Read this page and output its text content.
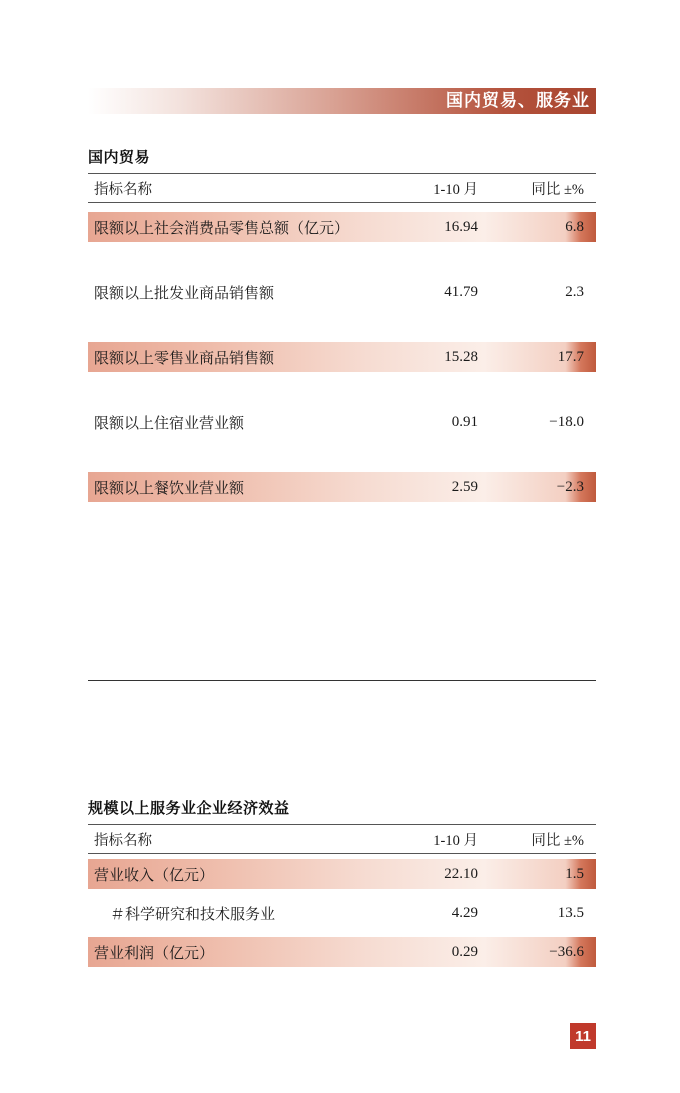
国内贸易、服务业
国内贸易
指标名称	1-10 月	同比 ±%
限额以上社会消费品零售总额（亿元）	16.94	6.8
限额以上批发业商品销售额	41.79	2.3
限额以上零售业商品销售额	15.28	17.7
限额以上住宿业营业额	0.91	−18.0
限额以上餐饮业营业额	2.59	−2.3
规模以上服务业企业经济效益
指标名称	1-10 月	同比 ±%
营业收入（亿元）	22.10	1.5
＃科学研究和技术服务业	4.29	13.5
营业利润（亿元）	0.29	−36.6
11
